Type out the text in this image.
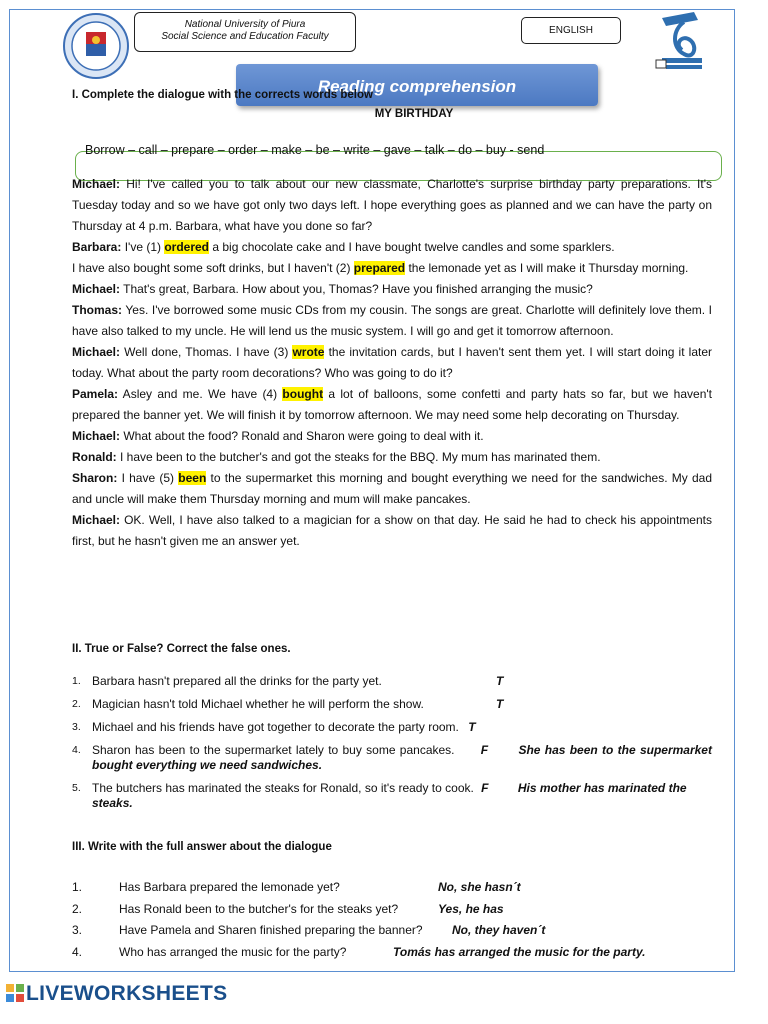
National University of Piura
Social Science and Education Faculty
ENGLISH
Reading comprehension
I. Complete the dialogue with the corrects words below
MY BIRTHDAY
Borrow – call – prepare – order – make – be – write – gave – talk – do – buy - send

Michael: Hi! I've called you to talk about our new classmate, Charlotte's surprise birthday party preparations. It's Tuesday today and so we have got only two days left. I hope everything goes as planned and we can have the party on Thursday at 4 p.m. Barbara, what have you done so far?

Barbara: I've (1) ordered a big chocolate cake and I have bought twelve candles and some sparklers.

I have also bought some soft drinks, but I haven't (2) prepared the lemonade yet as I will make it Thursday morning.

Michael: That's great, Barbara. How about you, Thomas? Have you finished arranging the music?

Thomas: Yes. I've borrowed some music CDs from my cousin. The songs are great. Charlotte will definitely love them. I have also talked to my uncle. He will lend us the music system. I will go and get it tomorrow afternoon.

Michael: Well done, Thomas. I have (3) wrote the invitation cards, but I haven't sent them yet. I will start doing it later today. What about the party room decorations? Who was going to do it?

Pamela: Asley and me. We have (4) bought a lot of balloons, some confetti and party hats so far, but we haven't prepared the banner yet. We will finish it by tomorrow afternoon. We may need some help decorating on Thursday.

Michael: What about the food? Ronald and Sharon were going to deal with it.

Ronald: I have been to the butcher's and got the steaks for the BBQ. My mum has marinated them.

Sharon: I have (5) been to the supermarket this morning and bought everything we need for the sandwiches. My dad and uncle will make them Thursday morning and mum will make pancakes.

Michael: OK. Well, I have also talked to a magician for a show on that day. He said he had to check his appointments first, but he hasn't given me an answer yet.

II. True or False? Correct the false ones.
1. Barbara hasn't prepared all the drinks for the party yet.	T
2. Magician hasn't told Michael whether he will perform the show.	T
3. Michael and his friends have got together to decorate the party room. T
4. Sharon has been to the supermarket lately to buy some pancakes. F	She has been to the supermarket bought everything we need sandwiches.
5. The butchers has marinated the steaks for Ronald, so it's ready to cook. F His mother has marinated the steaks.
III. Write with the full answer about the dialogue
1.	Has Barbara prepared the lemonade yet?	No, she hasn´t
2.	Has Ronald been to the butcher's for the steaks yet?	Yes, he has
3.	Have Pamela and Sharen finished preparing the banner? No, they haven´t
4.	Who has arranged the music for the party?	Tomás has arranged the music for the party.
LIVEWORKSHEETS
